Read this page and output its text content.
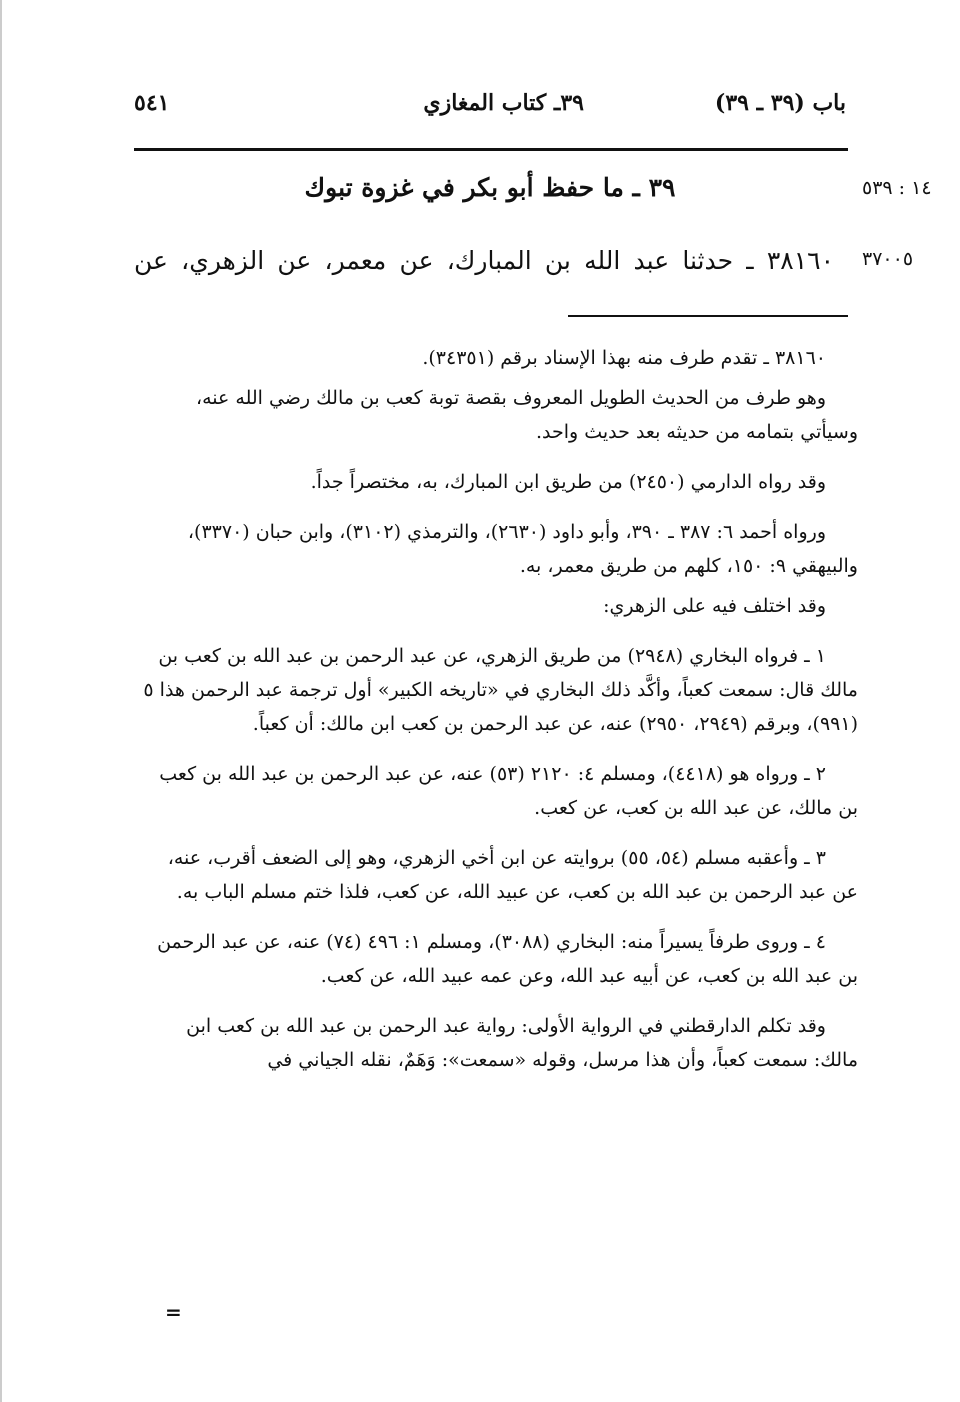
باب (٣٩ ـ ٣٩)
٣٩ـ كتاب المغازي
٥٤١
١٤ : ٥٣٩
٣٩ ـ ما حفظ أبو بكر في غزوة تبوك
٣٧٠٠٥
٣٨١٦٠ ـ حدثنا عبد الله بن المبارك، عن معمر، عن الزهري، عن

٣٨١٦٠ ـ تقدم طرف منه بهذا الإسناد برقم (٣٤٣٥١).

وهو طرف من الحديث الطويل المعروف بقصة توبة كعب بن مالك رضي الله عنه، وسيأتي بتمامه من حديثه بعد حديث واحد.

وقد رواه الدارمي (٢٤٥٠) من طريق ابن المبارك، به، مختصراً جداً.

ورواه أحمد ٦: ٣٨٧ ـ ٣٩٠، وأبو داود (٢٦٣٠)، والترمذي (٣١٠٢)، وابن حبان (٣٣٧٠)، والبيهقي ٩: ١٥٠، كلهم من طريق معمر، به.

وقد اختلف فيه على الزهري:

١ ـ فرواه البخاري (٢٩٤٨) من طريق الزهري، عن عبد الرحمن بن عبد الله بن كعب بن مالك قال: سمعت كعباً، وأكَّد ذلك البخاري في «تاريخه الكبير» أول ترجمة عبد الرحمن هذا ٥ (٩٩١)، وبرقم (٢٩٤٩، ٢٩٥٠) عنه، عن عبد الرحمن بن كعب ابن مالك: أن كعباً.

٢ ـ ورواه هو (٤٤١٨)، ومسلم ٤: ٢١٢٠ (٥٣) عنه، عن عبد الرحمن بن عبد الله بن كعب بن مالك، عن عبد الله بن كعب، عن كعب.

٣ ـ وأعقبه مسلم (٥٤، ٥٥) بروايته عن ابن أخي الزهري، وهو إلى الضعف أقرب، عنه، عن عبد الرحمن بن عبد الله بن كعب، عن عبيد الله، عن كعب، فلذا ختم مسلم الباب به.

٤ ـ وروى طرفاً يسيراً منه: البخاري (٣٠٨٨)، ومسلم ١: ٤٩٦ (٧٤) عنه، عن عبد الرحمن بن عبد الله بن كعب، عن أبيه عبد الله، وعن عمه عبيد الله، عن كعب.

وقد تكلم الدارقطني في الرواية الأولى: رواية عبد الرحمن بن عبد الله بن كعب ابن مالك: سمعت كعباً، وأن هذا مرسل، وقوله «سمعت»: وَهَمٌ، نقله الجياني في

=
